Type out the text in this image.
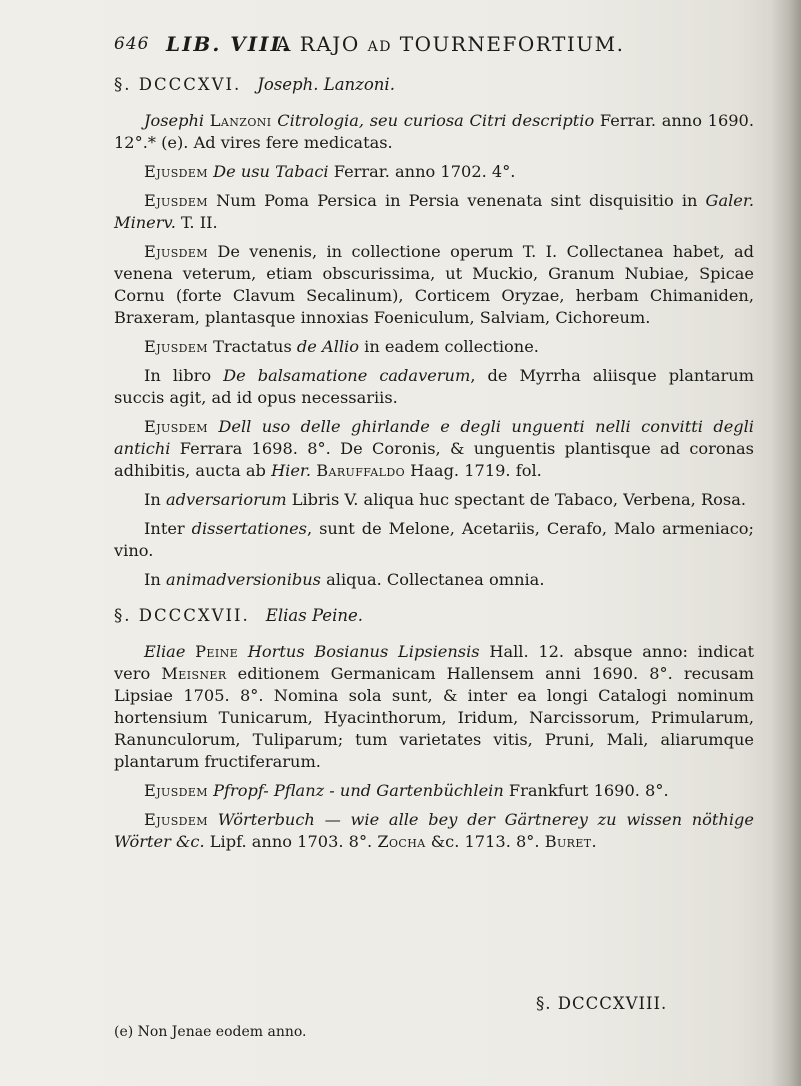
646 LIB. VIII.
A RAJO AD TOURNEFORTIUM.

§. DCCCXVI. Joseph. Lanzoni.

Josephi Lanzoni Citrologia, seu curiosa Citri descriptio Ferrar. anno 1690. 12°.* (e). Ad vires fere medicatas.

Ejusdem De usu Tabaci Ferrar. anno 1702. 4°.

Ejusdem Num Poma Persica in Persia venenata sint disquisitio in Galer. Minerv. T. II.

Ejusdem De venenis, in collectione operum T. I. Collectanea habet, ad venena veterum, etiam obscurissima, ut Muckio, Granum Nubiae, Spicae Cornu (forte Clavum Secalinum), Corticem Oryzae, herbam Chimaniden, Braxeram, plantasque innoxias Foeniculum, Salviam, Cichoreum.

Ejusdem Tractatus de Allio in eadem collectione.

In libro De balsamatione cadaverum, de Myrrha aliisque plantarum succis agit, ad id opus necessariis.

Ejusdem Dell uso delle ghirlande e degli unguenti nelli convitti degli antichi Ferrara 1698. 8°. De Coronis, & unguentis plantisque ad coronas adhibitis, aucta ab Hier. Baruffaldo Haag. 1719. fol.

In adversariorum Libris V. aliqua huc spectant de Tabaco, Verbena, Rosa.

Inter dissertationes, sunt de Melone, Acetariis, Cerafo, Malo armeniaco; vino.

In animadversionibus aliqua. Collectanea omnia.

§. DCCCXVII. Elias Peine.

Eliae Peine Hortus Bosianus Lipsiensis Hall. 12. absque anno: indicat vero Meisner editionem Germanicam Hallensem anni 1690. 8°. recusam Lipsiae 1705. 8°. Nomina sola sunt, & inter ea longi Catalogi nominum hortensium Tunicarum, Hyacinthorum, Iridum, Narcissorum, Primularum, Ranunculorum, Tuliparum; tum varietates vitis, Pruni, Mali, aliarumque plantarum fructiferarum.

Ejusdem Pfropf- Pflanz - und Gartenbüchlein Frankfurt 1690. 8°.

Ejusdem Wörterbuch — wie alle bey der Gärtnerey zu wissen nöthige Wörter &c. Lipf. anno 1703. 8°. Zocha &c. 1713. 8°. Buret.

§. DCCCXVIII.
(e) Non Jenae eodem anno.
